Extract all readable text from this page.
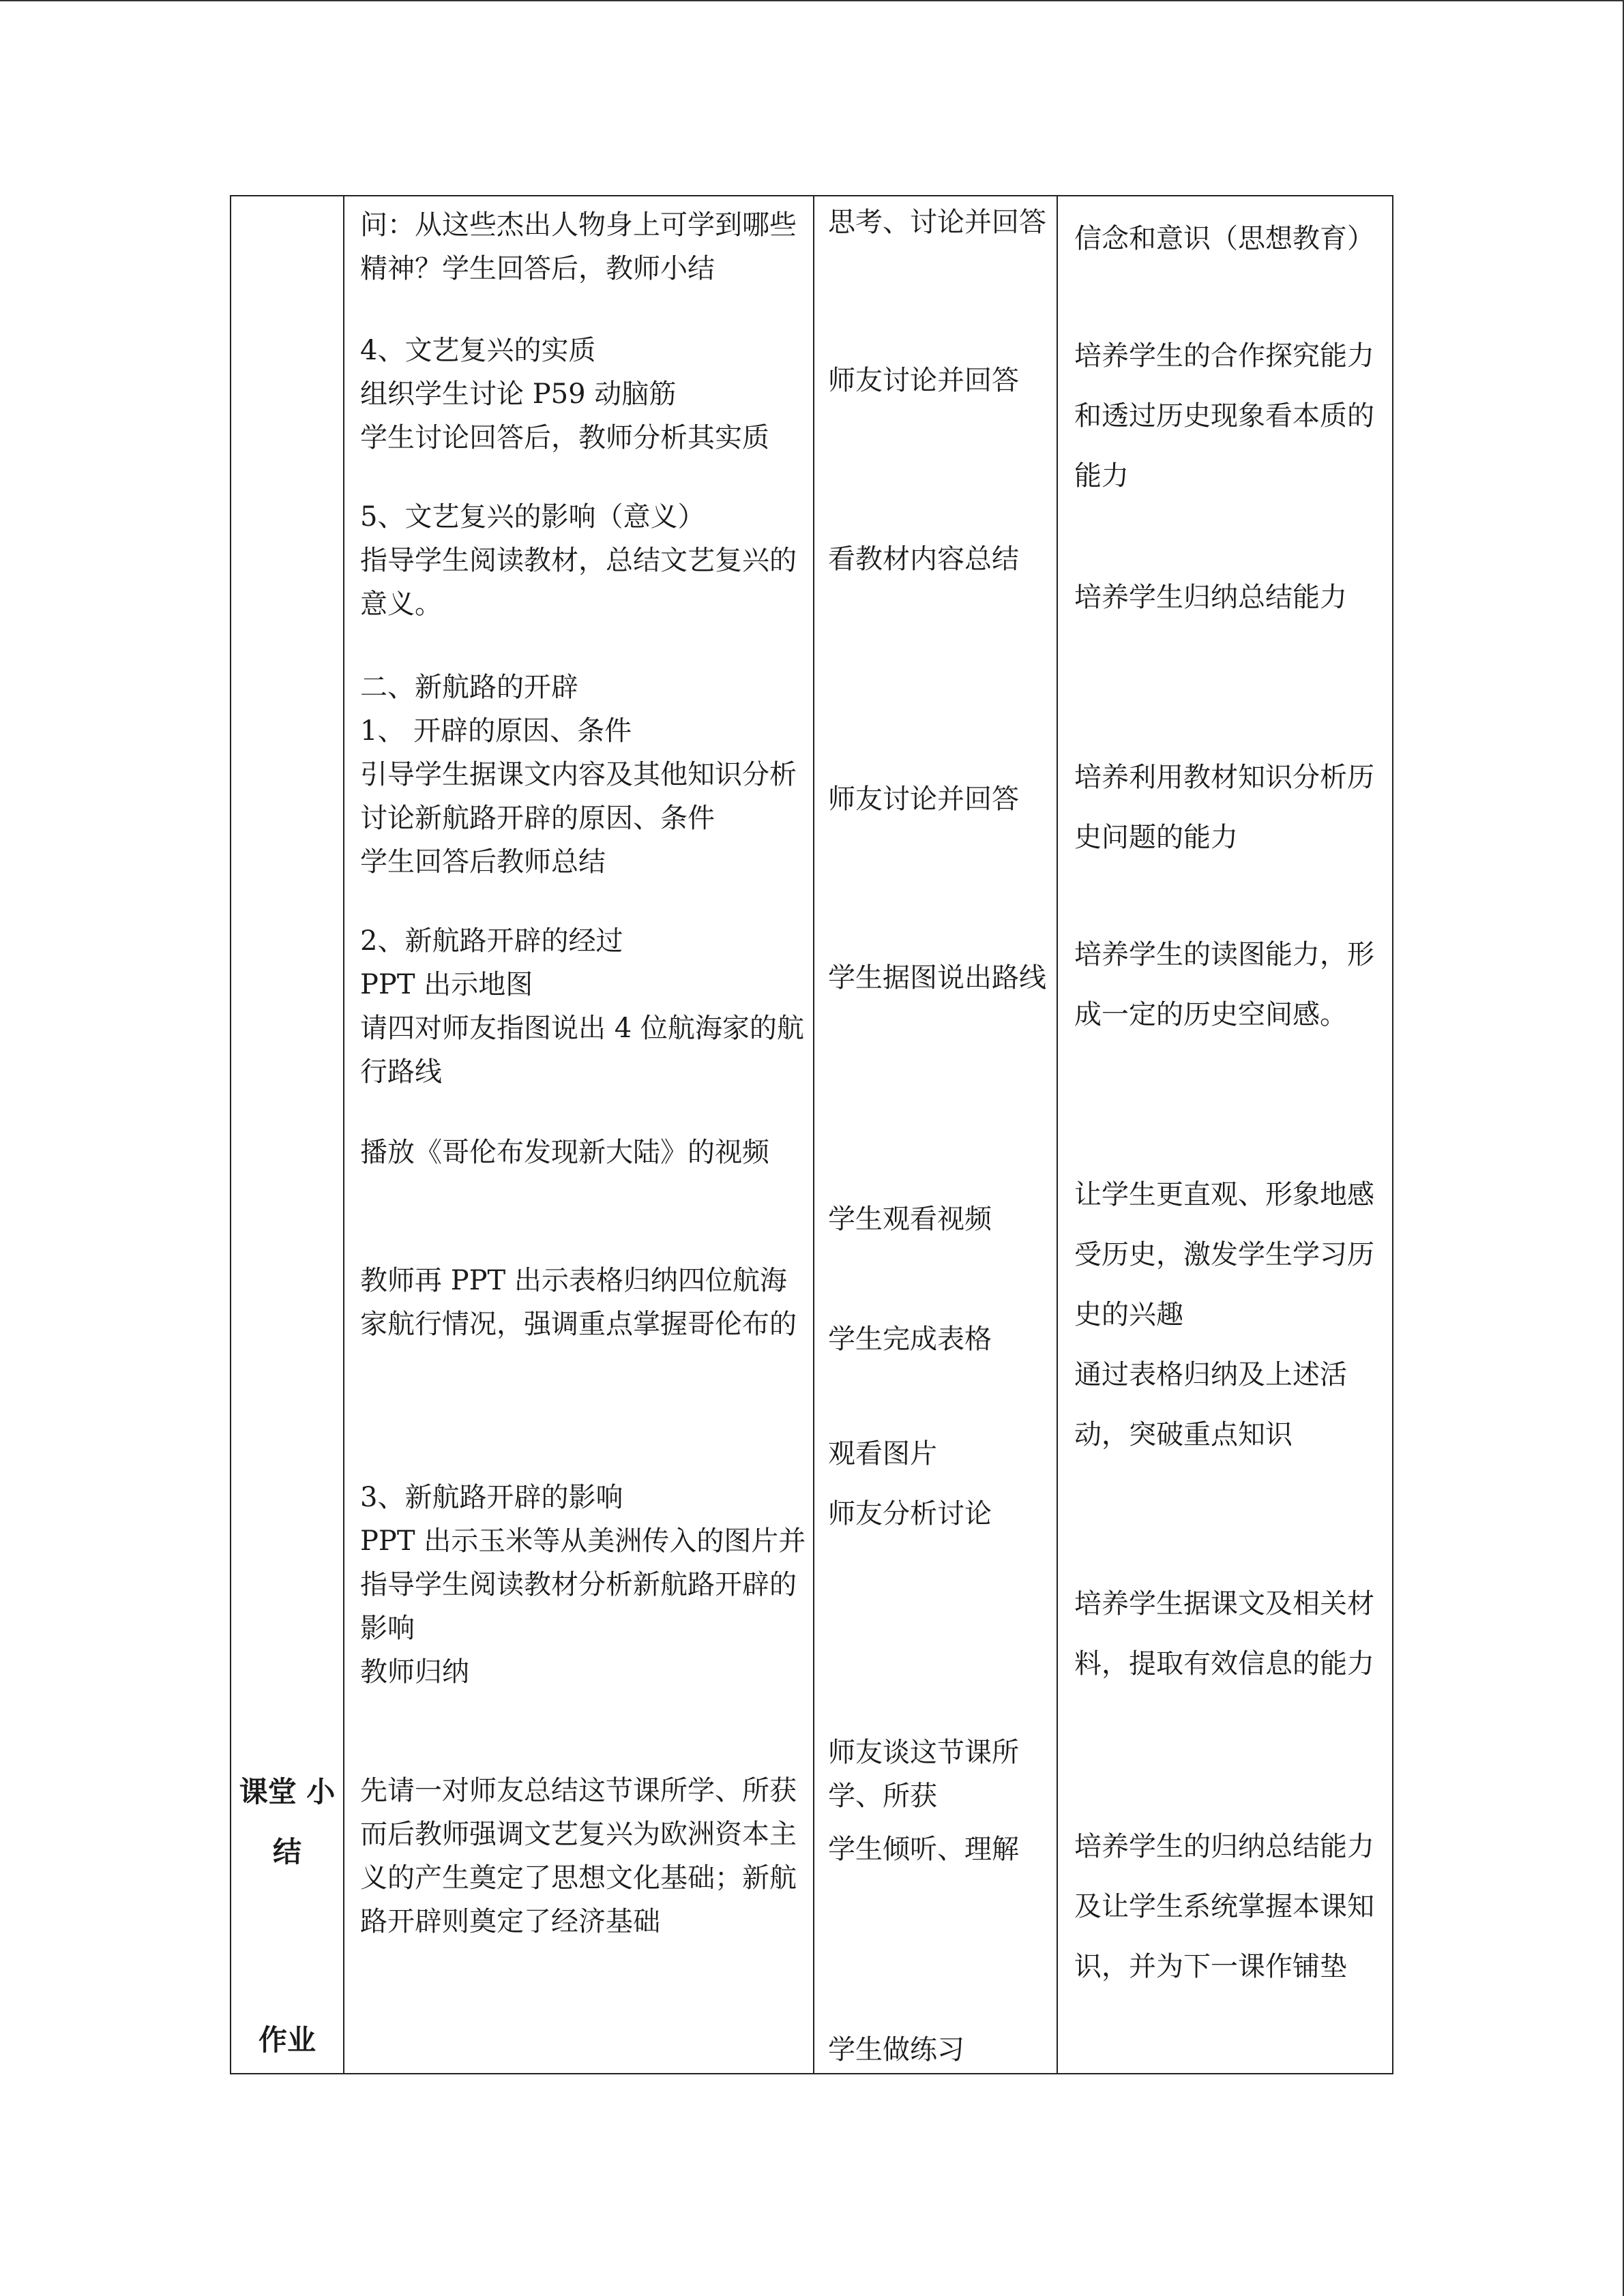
课堂 小结
作业

问：从这些杰出人物身上可学到哪些精神？学生回答后，教师小结

4、文艺复兴的实质
组织学生讨论 P59 动脑筋
学生讨论回答后，教师分析其实质

5、文艺复兴的影响（意义）
指导学生阅读教材，总结文艺复兴的意义。

二、新航路的开辟
1、 开辟的原因、条件
引导学生据课文内容及其他知识分析讨论新航路开辟的原因、条件
学生回答后教师总结

2、新航路开辟的经过
PPT 出示地图
请四对师友指图说出 4 位航海家的航行路线

播放《哥伦布发现新大陆》的视频

教师再 PPT 出示表格归纳四位航海家航行情况，强调重点掌握哥伦布的

3、新航路开辟的影响
PPT 出示玉米等从美洲传入的图片并指导学生阅读教材分析新航路开辟的影响
教师归纳

先请一对师友总结这节课所学、所获
而后教师强调文艺复兴为欧洲资本主义的产生奠定了思想文化基础；新航路开辟则奠定了经济基础

思考、讨论并回答

师友讨论并回答

看教材内容总结

师友讨论并回答

学生据图说出路线

学生观看视频

学生完成表格

观看图片
师友分析讨论

师友谈这节课所学、所获

学生倾听、理解

学生做练习

信念和意识（思想教育）

培养学生的合作探究能力和透过历史现象看本质的能力

培养学生归纳总结能力

培养利用教材知识分析历史问题的能力

培养学生的读图能力，形成一定的历史空间感。

让学生更直观、形象地感受历史，激发学生学习历史的兴趣
通过表格归纳及上述活动，突破重点知识

培养学生据课文及相关材料，提取有效信息的能力

培养学生的归纳总结能力及让学生系统掌握本课知识，并为下一课作铺垫
